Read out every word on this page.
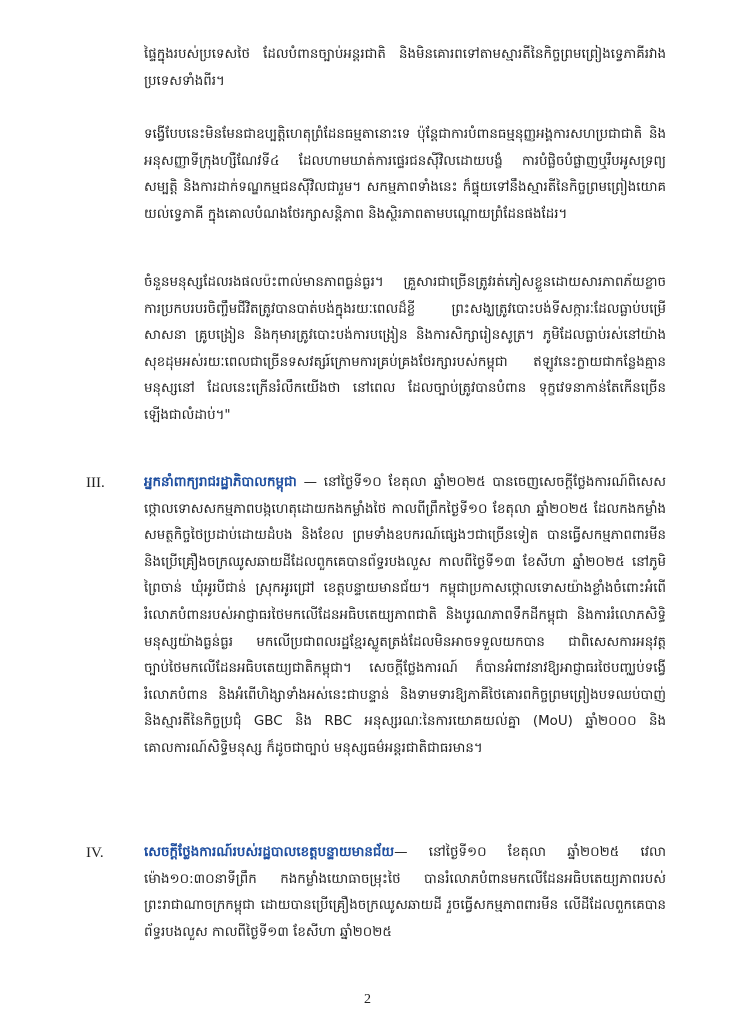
ផ្ទៃក្នុងរបស់ប្រទេសថៃ ដែលបំពានច្បាប់អន្តរជាតិ និងមិនគោរពទៅតាមស្មារតីនៃកិច្ចព្រមព្រៀងទ្វេភាគីរវាងប្រទេសទាំងពីរ។
ទង្វើបែបនេះមិនមែនជាឧប្បត្តិហេតុព្រំដែនធម្មតានោះទេ ប៉ុន្តែជាការបំពានធម្មនុញ្ញអង្គការសហប្រជាជាតិ និងអនុសញ្ញាទីក្រុងហ្សឺណែវទី៤ ដែលហាមឃាត់ការផ្ទេរជនស៊ីវិលដោយបង្ខំ ការបំផ្លិចបំផ្លាញឬរឹបអូសទ្រព្យសម្បត្តិ និងការដាក់ទណ្ឌកម្មជនស៊ីវិលជារួម។ សកម្មភាពទាំងនេះ ក៏ផ្ទុយទៅនឹងស្មារតីនៃកិច្ចព្រមព្រៀងយោគយល់ទ្វេភាគី ក្នុងគោលបំណងថែរក្សាសន្តិភាព និងស្ថិរភាពតាមបណ្តោយព្រំដែនផងដែរ។
ចំនួនមនុស្សដែលរងផលប៉ះពាល់មានភាពធ្ងន់ធ្ងរ។ គ្រួសារជាច្រើនត្រូវរត់ភៀសខ្លួនដោយសារភាពភ័យខ្លាច ការប្រកបរបរចិញ្ចឹមជីវិតត្រូវបានបាត់បង់ក្នុងរយៈពេលដ៏ខ្លី ព្រះសង្ឃត្រូវបោះបង់ទីសក្ការៈដែលធ្លាប់បម្រើសាសនា គ្រូបង្រៀន និងកុមារត្រូវបោះបង់ការបង្រៀន និងការសិក្សារៀនសូត្រ។ ភូមិដែលធ្លាប់រស់នៅយ៉ាងសុខដុមអស់រយៈពេលជាច្រើនទសវត្សរ៍ក្រោមការគ្រប់គ្រងថែរក្សារបស់កម្ពុជា ឥឡូវនេះក្លាយជាកន្លែងគ្មានមនុស្សនៅ ដែលនេះក្រើនរំលឹកយើងថា នៅពេល ដែលច្បាប់ត្រូវបានបំពាន ទុក្ខវេទនាកាន់តែកើនច្រើនឡើងជាលំដាប់។"
III.	អ្នកនាំពាក្យរាជរដ្ឋាភិបាលកម្ពុជា — នៅថ្ងៃទី១០ ខែតុលា ឆ្នាំ២០២៥ បានចេញសេចក្តីថ្លែងការណ៍ពិសេសថ្កោលទោសសកម្មភាពបង្កហេតុដោយកងកម្លាំងថៃ កាលពីព្រឹកថ្ងៃទី១០ ខែតុលា ឆ្នាំ២០២៥ ដែលកងកម្លាំងសមត្ថកិច្ចថៃប្រដាប់ដោយដំបង និងខែល ព្រមទាំងឧបករណ៍ផ្សេងៗជាច្រើនទៀត បានធ្វើសកម្មភាពពារមីន និងប្រើគ្រឿងចក្រឈូសឆាយដីដែលពួកគេបានព័ទ្ធរបងលួស កាលពីថ្ងៃទី១៣ ខែសីហា ឆ្នាំ២០២៥ នៅភូមិព្រៃចាន់ ឃុំអូរបីជាន់ ស្រុកអូរជ្រៅ ខេត្តបន្ទាយមានជ័យ។ កម្ពុជាប្រកាសថ្កោលទោសយ៉ាងខ្លាំងចំពោះអំពើរំលោភបំពានរបស់អាជ្ញាធរថៃមកលើដែនអធិបតេយ្យភាពជាតិ និងបូរណភាពទឹកដីកម្ពុជា និងការរំលោភសិទ្ធិមនុស្សយ៉ាងធ្ងន់ធ្ងរ មកលើប្រជាពលរដ្ឋខ្មែរស្លូតត្រង់ដែលមិនអាចទទួលយកបាន ជាពិសេសការអនុវត្តច្បាប់ថៃមកលើដែនអធិបតេយ្យជាតិកម្ពុជា។ សេចក្តីថ្លែងការណ៍ ក៏បានអំពាវនាវឱ្យអាជ្ញាធរថៃបញ្ឈប់ទង្វើរំលោភបំពាន និងអំពើហិង្សាទាំងអស់នេះជាបន្ទាន់ និងទាមទារឱ្យភាគីថៃគោរពកិច្ចព្រមព្រៀងបទឈប់បាញ់ និងស្មារតីនៃកិច្ចប្រជុំ GBC និង RBC អនុស្សរណៈនៃការយោគយល់គ្នា (MoU) ឆ្នាំ២០០០ និងគោលការណ៍សិទ្ធិមនុស្ស ក៏ដូចជាច្បាប់ មនុស្សធម៌អន្តរជាតិជាធរមាន។
IV.	សេចក្តីថ្លែងការណ៍របស់រដ្ឋបាលខេត្តបន្ទាយមានជ័យ— នៅថ្ងៃទី១០ ខែតុលា ឆ្នាំ២០២៥ វេលាម៉ោង១០:៣០នាទីព្រឹក កងកម្លាំងយោធាចម្រុះថៃ បានរំលោភបំពានមកលើដែនអធិបតេយ្យភាពរបស់ព្រះរាជាណាចក្រកម្ពុជា ដោយបានប្រើគ្រឿងចក្រឈូសឆាយដី រួចធ្វើសកម្មភាពពារមីន លើដីដែលពួកគេបានព័ទ្ធរបងលួស កាលពីថ្ងៃទី១៣ ខែសីហា ឆ្នាំ២០២៥
2
